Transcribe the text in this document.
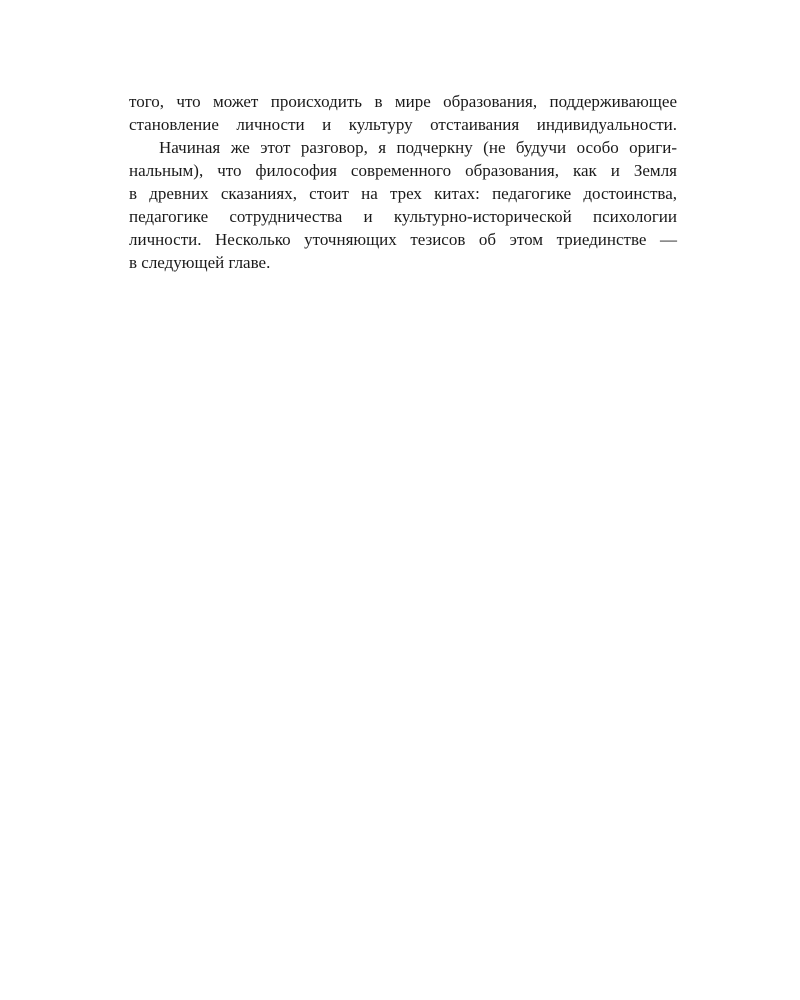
того, что может происходить в мире образования, поддерживающее
становление личности и культуру отстаивания индивидуальности.
Начиная же этот разговор, я подчеркну (не будучи особо ориги-
нальным), что философия современного образования, как и Земля
в древних сказаниях, стоит на трех китах: педагогике достоинства,
педагогике сотрудничества и культурно-исторической психологии
личности. Несколько уточняющих тезисов об этом триединстве —
в следующей главе.
